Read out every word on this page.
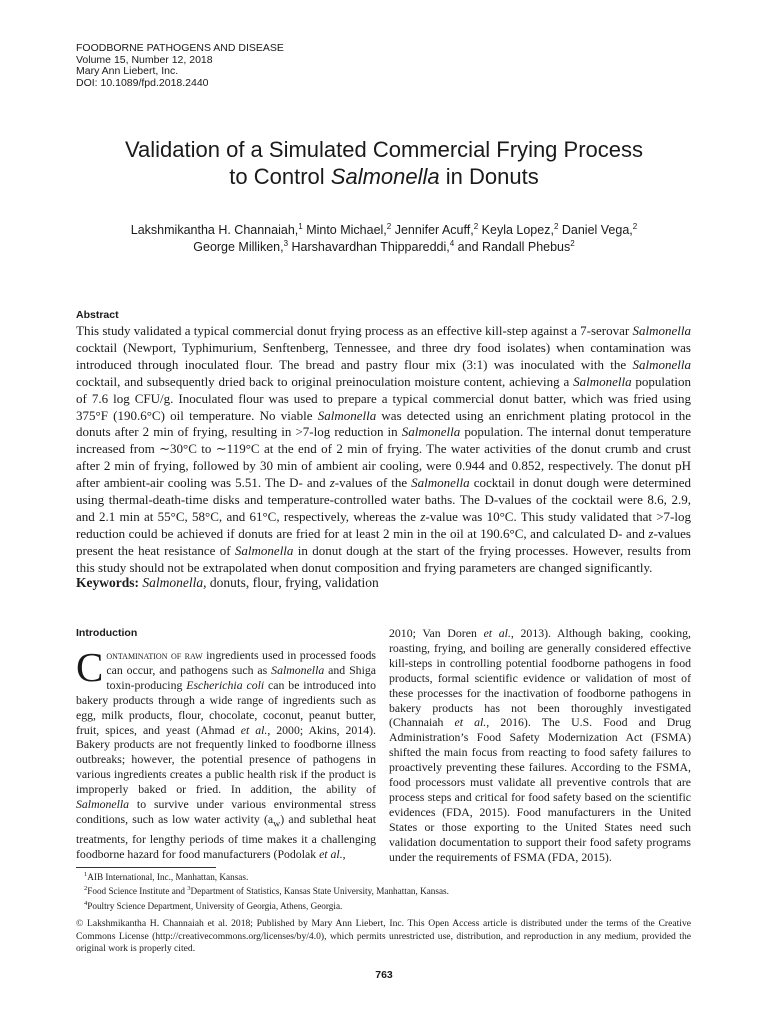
FOODBORNE PATHOGENS AND DISEASE
Volume 15, Number 12, 2018
Mary Ann Liebert, Inc.
DOI: 10.1089/fpd.2018.2440
Validation of a Simulated Commercial Frying Process
to Control Salmonella in Donuts
Lakshmikantha H. Channaiah,$^1$ Minto Michael,$^2$ Jennifer Acuff,$^2$ Keyla Lopez,$^2$ Daniel Vega,$^2$
George Milliken,$^3$ Harshavardhan Thippareddi,$^4$ and Randall Phebus$^2$
Abstract
This study validated a typical commercial donut frying process as an effective kill-step against a 7-serovar Salmonella cocktail (Newport, Typhimurium, Senftenberg, Tennessee, and three dry food isolates) when contamination was introduced through inoculated flour. The bread and pastry flour mix (3:1) was inoculated with the Salmonella cocktail, and subsequently dried back to original preinoculation moisture content, achieving a Salmonella population of 7.6 log CFU/g. Inoculated flour was used to prepare a typical commercial donut batter, which was fried using 375°F (190.6°C) oil temperature. No viable Salmonella was detected using an enrichment plating protocol in the donuts after 2 min of frying, resulting in >7-log reduction in Salmonella population. The internal donut temperature increased from ∼30°C to ∼119°C at the end of 2 min of frying. The water activities of the donut crumb and crust after 2 min of frying, followed by 30 min of ambient air cooling, were 0.944 and 0.852, respectively. The donut pH after ambient-air cooling was 5.51. The D- and z-values of the Salmonella cocktail in donut dough were determined using thermal-death-time disks and temperature-controlled water baths. The D-values of the cocktail were 8.6, 2.9, and 2.1 min at 55°C, 58°C, and 61°C, respectively, whereas the z-value was 10°C. This study validated that >7-log reduction could be achieved if donuts are fried for at least 2 min in the oil at 190.6°C, and calculated D- and z-values present the heat resistance of Salmonella in donut dough at the start of the frying processes. However, results from this study should not be extrapolated when donut composition and frying parameters are changed significantly.
Keywords: Salmonella, donuts, flour, frying, validation
Introduction
Contamination of raw ingredients used in processed foods can occur, and pathogens such as Salmonella and Shiga toxin-producing Escherichia coli can be introduced into bakery products through a wide range of ingredients such as egg, milk products, flour, chocolate, coconut, peanut butter, fruit, spices, and yeast (Ahmad et al., 2000; Akins, 2014). Bakery products are not frequently linked to foodborne illness outbreaks; however, the potential presence of pathogens in various ingredients creates a public health risk if the product is improperly baked or fried. In addition, the ability of Salmonella to survive under various environmental stress conditions, such as low water activity $(a_w)$ and sublethal heat treatments, for lengthy periods of time makes it a challenging foodborne hazard for food manufacturers (Podolak et al.,
2010; Van Doren et al., 2013). Although baking, cooking, roasting, frying, and boiling are generally considered effective kill-steps in controlling potential foodborne pathogens in food products, formal scientific evidence or validation of most of these processes for the inactivation of foodborne pathogens in bakery products has not been thoroughly investigated (Channaiah et al., 2016). The U.S. Food and Drug Administration’s Food Safety Modernization Act (FSMA) shifted the main focus from reacting to food safety failures to proactively preventing these failures. According to the FSMA, food processors must validate all preventive controls that are process steps and critical for food safety based on the scientific evidences (FDA, 2015). Food manufacturers in the United States or those exporting to the United States need such validation documentation to support their food safety programs under the requirements of FSMA (FDA, 2015).
$^1$AIB International, Inc., Manhattan, Kansas.
$^2$Food Science Institute and $^3$Department of Statistics, Kansas State University, Manhattan, Kansas.
$^4$Poultry Science Department, University of Georgia, Athens, Georgia.
© Lakshmikantha H. Channaiah et al. 2018; Published by Mary Ann Liebert, Inc. This Open Access article is distributed under the terms of the Creative Commons License (http://creativecommons.org/licenses/by/4.0), which permits unrestricted use, distribution, and reproduction in any medium, provided the original work is properly cited.
763
